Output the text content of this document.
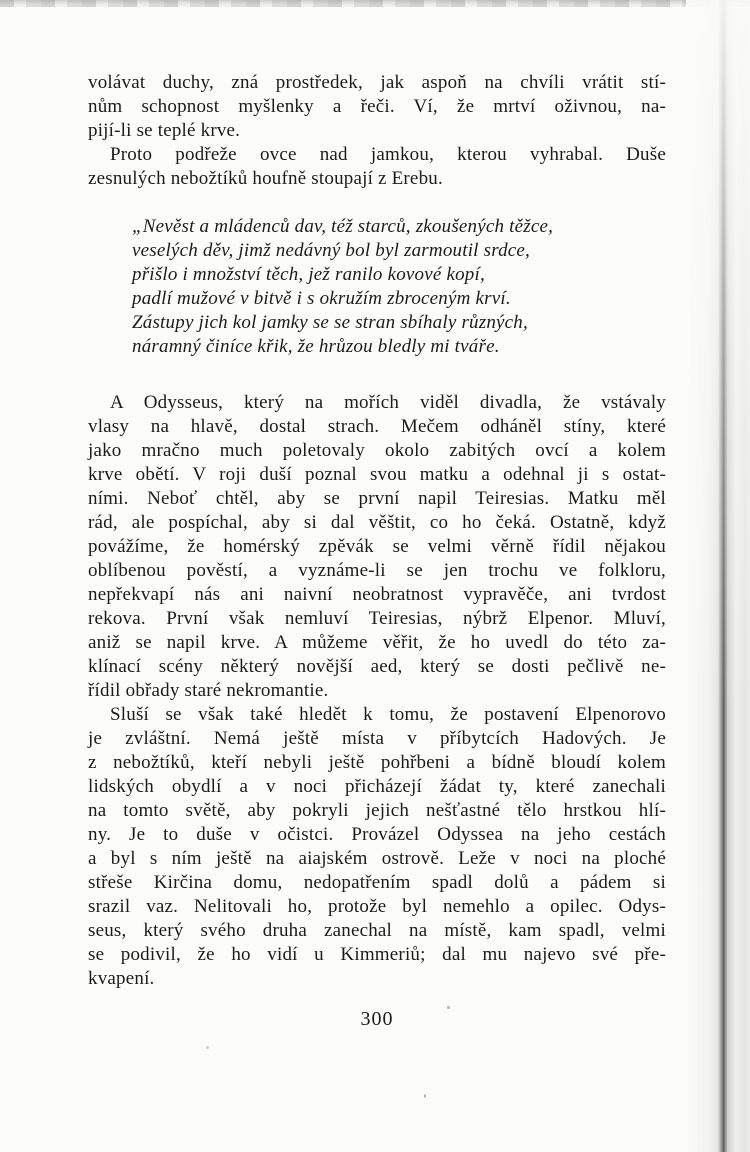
volávat duchy, zná prostředek, jak aspoň na chvíli vrátit stí-
nům schopnost myšlenky a řeči. Ví, že mrtví oživnou, na-
pijí-li se teplé krve.
Proto podřeže ovce nad jamkou, kterou vyhrabal. Duše
zesnulých nebožtíků houfně stoupají z Erebu.
„Nevěst a mládenců dav, též starců, zkoušených těžce,
veselých děv, jimž nedávný bol byl zarmoutil srdce,
přišlo i množství těch, jež ranilo kovové kopí,
padlí mužové v bitvě i s okružím zbroceným krví.
Zástupy jich kol jamky se se stran sbíhaly různých,
náramný činíce křik, že hrůzou bledly mi tváře.
A Odysseus, který na mořích viděl divadla, že vstávaly
vlasy na hlavě, dostal strach. Mečem odháněl stíny, které
jako mračno much poletovaly okolo zabitých ovcí a kolem
krve obětí. V roji duší poznal svou matku a odehnal ji s ostat-
ními. Neboť chtěl, aby se první napil Teiresias. Matku měl
rád, ale pospíchal, aby si dal věštit, co ho čeká. Ostatně, když
povážíme, že homérský zpěvák se velmi věrně řídil nějakou
oblíbenou pověstí, a vyznáme-li se jen trochu ve folkloru,
nepřekvapí nás ani naivní neobratnost vypravěče, ani tvrdost
rekova. První však nemluví Teiresias, nýbrž Elpenor. Mluví,
aniž se napil krve. A můžeme věřit, že ho uvedl do této za-
klínací scény některý novější aed, který se dosti pečlivě ne-
řídil obřady staré nekromantie.
Sluší se však také hledět k tomu, že postavení Elpenorovo
je zvláštní. Nemá ještě místa v příbytcích Hadových. Je
z nebožtíků, kteří nebyli ještě pohřbeni a bídně bloudí kolem
lidských obydlí a v noci přicházejí žádat ty, které zanechali
na tomto světě, aby pokryli jejich nešťastné tělo hrstkou hlí-
ny. Je to duše v očistci. Provázel Odyssea na jeho cestách
a byl s ním ještě na aiajském ostrově. Leže v noci na ploché
střeše Kirčina domu, nedopatřením spadl dolů a pádem si
srazil vaz. Nelitovali ho, protože byl nemehlo a opilec. Odys-
seus, který svého druha zanechal na místě, kam spadl, velmi
se podivil, že ho vidí u Kimmeriů; dal mu najevo své pře-
kvapení.
300
